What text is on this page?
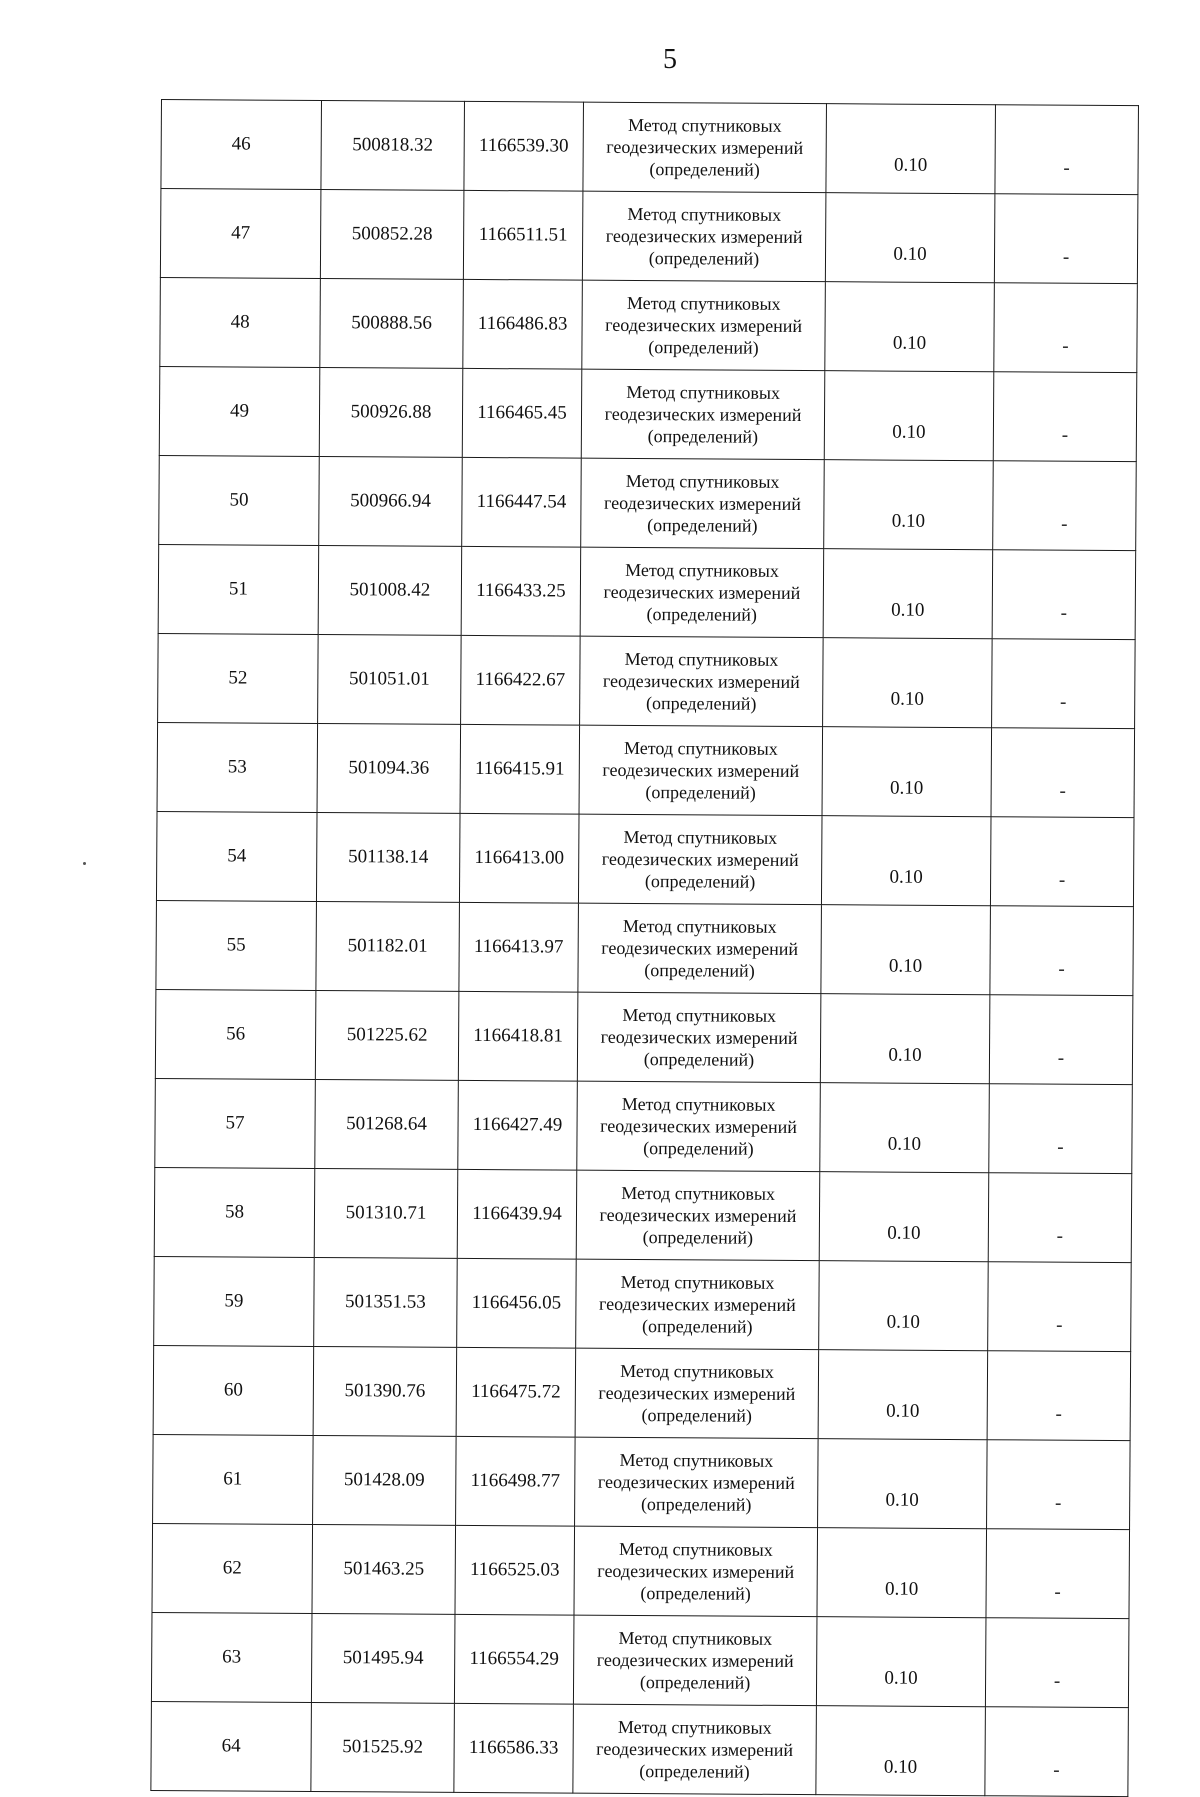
5
46	500818.32	1166539.30	Метод спутниковых геодезических измерений (определений)	0.10	-
47	500852.28	1166511.51	Метод спутниковых геодезических измерений (определений)	0.10	-
48	500888.56	1166486.83	Метод спутниковых геодезических измерений (определений)	0.10	-
49	500926.88	1166465.45	Метод спутниковых геодезических измерений (определений)	0.10	-
50	500966.94	1166447.54	Метод спутниковых геодезических измерений (определений)	0.10	-
51	501008.42	1166433.25	Метод спутниковых геодезических измерений (определений)	0.10	-
52	501051.01	1166422.67	Метод спутниковых геодезических измерений (определений)	0.10	-
53	501094.36	1166415.91	Метод спутниковых геодезических измерений (определений)	0.10	-
54	501138.14	1166413.00	Метод спутниковых геодезических измерений (определений)	0.10	-
55	501182.01	1166413.97	Метод спутниковых геодезических измерений (определений)	0.10	-
56	501225.62	1166418.81	Метод спутниковых геодезических измерений (определений)	0.10	-
57	501268.64	1166427.49	Метод спутниковых геодезических измерений (определений)	0.10	-
58	501310.71	1166439.94	Метод спутниковых геодезических измерений (определений)	0.10	-
59	501351.53	1166456.05	Метод спутниковых геодезических измерений (определений)	0.10	-
60	501390.76	1166475.72	Метод спутниковых геодезических измерений (определений)	0.10	-
61	501428.09	1166498.77	Метод спутниковых геодезических измерений (определений)	0.10	-
62	501463.25	1166525.03	Метод спутниковых геодезических измерений (определений)	0.10	-
63	501495.94	1166554.29	Метод спутниковых геодезических измерений (определений)	0.10	-
64	501525.92	1166586.33	Метод спутниковых геодезических измерений (определений)	0.10	-
